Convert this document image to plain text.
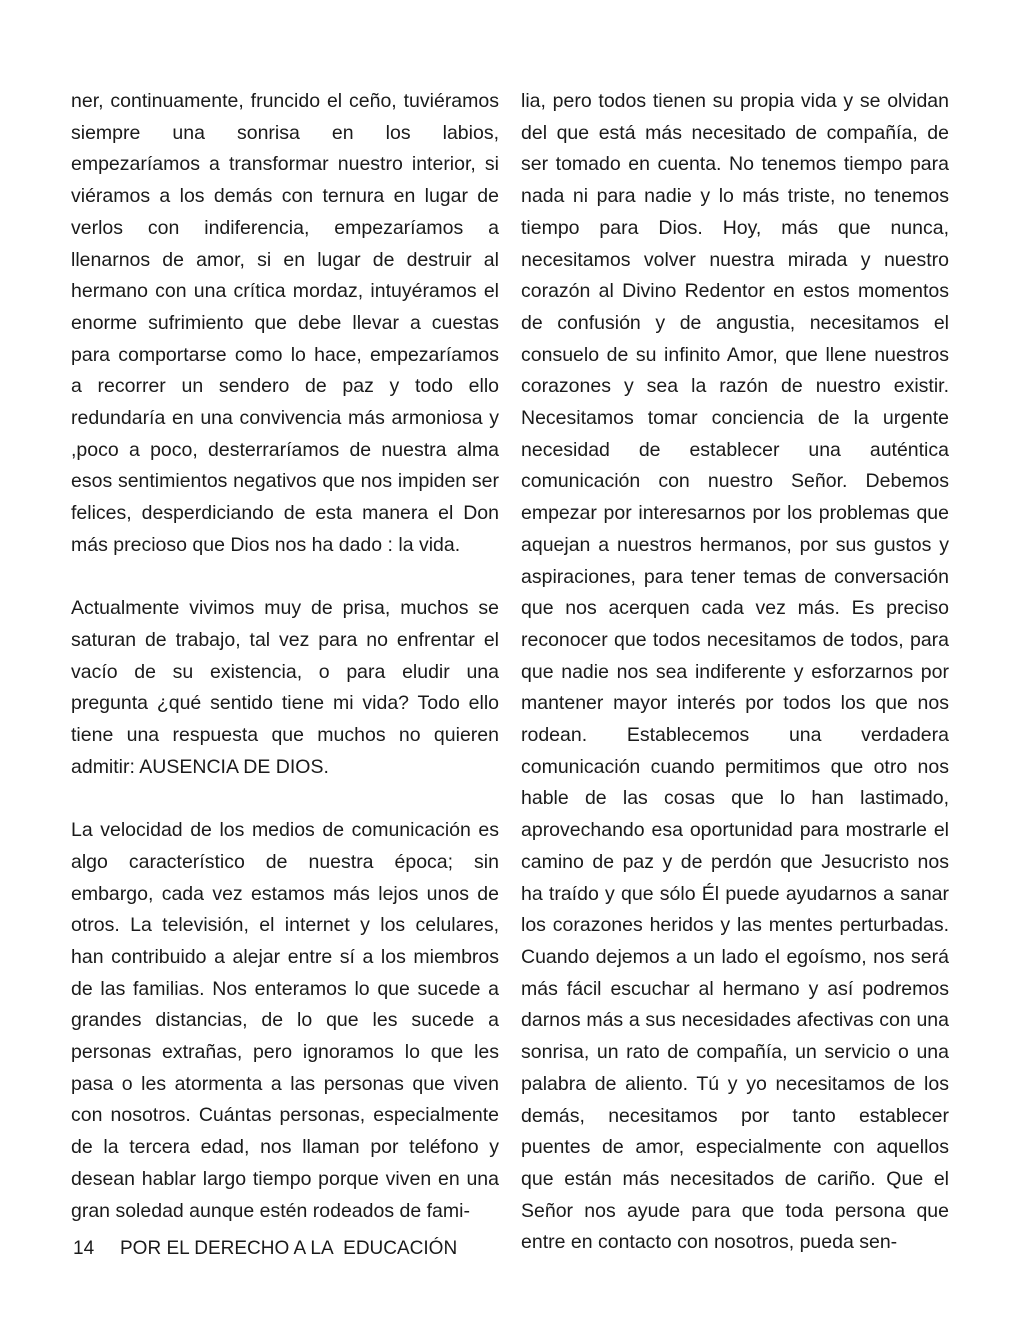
ner, continuamente, fruncido el ceño, tuviéramos siempre una sonrisa en los labios, empezaríamos a transformar nuestro interior, si viéramos a los demás con ternura en lugar de verlos con indiferencia, empezaríamos a llenarnos de amor, si en lugar de destruir al hermano con una crítica mordaz, intuyéramos el enorme sufrimiento que debe llevar a cuestas para comportarse como lo hace, empezaríamos a recorrer un sendero de paz y todo ello redundaría en una convivencia más armoniosa y ,poco a poco, desterraríamos de nuestra alma esos sentimientos negativos que nos impiden ser felices, desperdiciando de esta manera el Don más precioso que Dios nos ha dado : la vida.

Actualmente vivimos muy de prisa, muchos se saturan de trabajo, tal vez para no enfrentar el vacío de su existencia, o para eludir una pregunta ¿qué sentido tiene mi vida? Todo ello tiene una respuesta que muchos no quieren admitir: AUSENCIA DE DIOS.

La velocidad de los medios de comunicación es algo característico de nuestra época; sin embargo, cada vez estamos más lejos unos de otros. La televisión, el internet y los celulares, han contribuido a alejar entre sí a los miembros de las familias. Nos enteramos lo que sucede a grandes distancias, de lo que les sucede a personas extrañas, pero ignoramos lo que les pasa o les atormenta a las personas que viven con nosotros. Cuántas personas, especialmente de la tercera edad, nos llaman por teléfono y desean hablar largo tiempo porque viven en una gran soledad aunque estén rodeados de fami-

lia, pero todos tienen su propia vida y se olvidan del que está más necesitado de compañía, de ser tomado en cuenta. No tenemos tiempo para nada ni para nadie y lo más triste, no tenemos tiempo para Dios. Hoy, más que nunca, necesitamos volver nuestra mirada y nuestro corazón al Divino Redentor en estos momentos de confusión y de angustia, necesitamos el consuelo de su infinito Amor, que llene nuestros corazones y sea la razón de nuestro existir. Necesitamos tomar conciencia de la urgente necesidad de establecer una auténtica comunicación con nuestro Señor. Debemos empezar por interesarnos por los problemas que aquejan a nuestros hermanos, por sus gustos y aspiraciones, para tener temas de conversación que nos acerquen cada vez más. Es preciso reconocer que todos necesitamos de todos, para que nadie nos sea indiferente y esforzarnos por mantener mayor interés por todos los que nos rodean. Establecemos una verdadera comunicación cuando permitimos que otro nos hable de las cosas que lo han lastimado, aprovechando esa oportunidad para mostrarle el camino de paz y de perdón que Jesucristo nos ha traído y que sólo Él puede ayudarnos a sanar los corazones heridos y las mentes perturbadas. Cuando dejemos a un lado el egoísmo, nos será más fácil escuchar al hermano y así podremos darnos más a sus necesidades afectivas con una sonrisa, un rato de compañía, un servicio o una palabra de aliento. Tú y yo necesitamos de los demás, necesitamos por tanto establecer puentes de amor, especialmente con aquellos que están más necesitados de cariño. Que el Señor nos ayude para que toda persona que entre en contacto con nosotros, pueda sen-

14

POR EL DERECHO A LA  EDUCACIÓN
